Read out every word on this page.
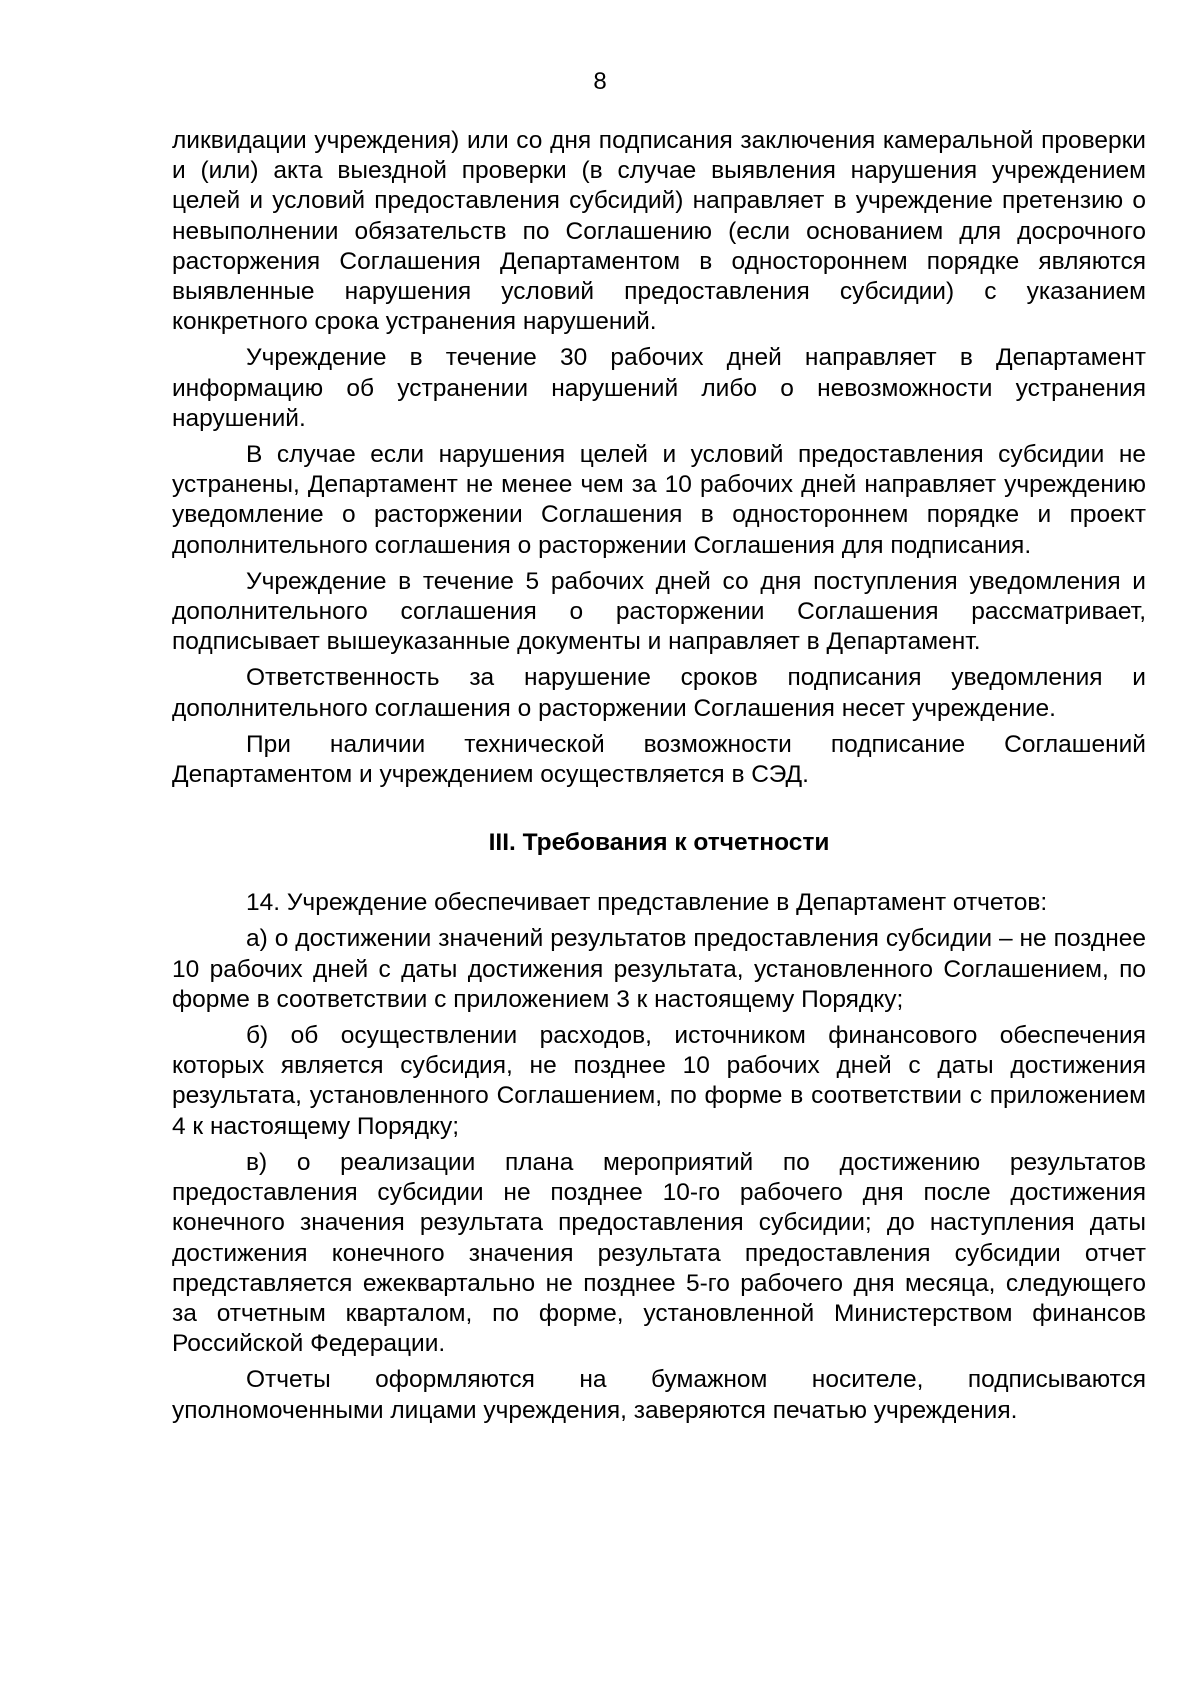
8

ликвидации учреждения) или со дня подписания заключения камеральной проверки и (или) акта выездной проверки (в случае выявления нарушения учреждением целей и условий предоставления субсидий) направляет в учреждение претензию о невыполнении обязательств по Соглашению (если основанием для досрочного расторжения Соглашения Департаментом в одностороннем порядке являются выявленные нарушения условий предоставления субсидии) с указанием конкретного срока устранения нарушений.

Учреждение в течение 30 рабочих дней направляет в Департамент информацию об устранении нарушений либо о невозможности устранения нарушений.

В случае если нарушения целей и условий предоставления субсидии не устранены, Департамент не менее чем за 10 рабочих дней направляет учреждению уведомление о расторжении Соглашения в одностороннем порядке и проект дополнительного соглашения о расторжении Соглашения для подписания.

Учреждение в течение 5 рабочих дней со дня поступления уведомления и дополнительного соглашения о расторжении Соглашения рассматривает, подписывает вышеуказанные документы и направляет в Департамент.

Ответственность за нарушение сроков подписания уведомления и дополнительного соглашения о расторжении Соглашения несет учреждение.

При наличии технической возможности подписание Соглашений Департаментом и учреждением осуществляется в СЭД.

III. Требования к отчетности

14. Учреждение обеспечивает представление в Департамент отчетов:

а) о достижении значений результатов предоставления субсидии – не позднее 10 рабочих дней с даты достижения результата, установленного Соглашением, по форме в соответствии с приложением 3 к настоящему Порядку;

б) об осуществлении расходов, источником финансового обеспечения которых является субсидия, не позднее 10 рабочих дней с даты достижения результата, установленного Соглашением, по форме в соответствии с приложением 4 к настоящему Порядку;

в) о реализации плана мероприятий по достижению результатов предоставления субсидии не позднее 10-го рабочего дня после достижения конечного значения результата предоставления субсидии; до наступления даты достижения конечного значения результата предоставления субсидии отчет представляется ежеквартально не позднее 5-го рабочего дня месяца, следующего за отчетным кварталом, по форме, установленной Министерством финансов Российской Федерации.

Отчеты оформляются на бумажном носителе, подписываются уполномоченными лицами учреждения, заверяются печатью учреждения.
